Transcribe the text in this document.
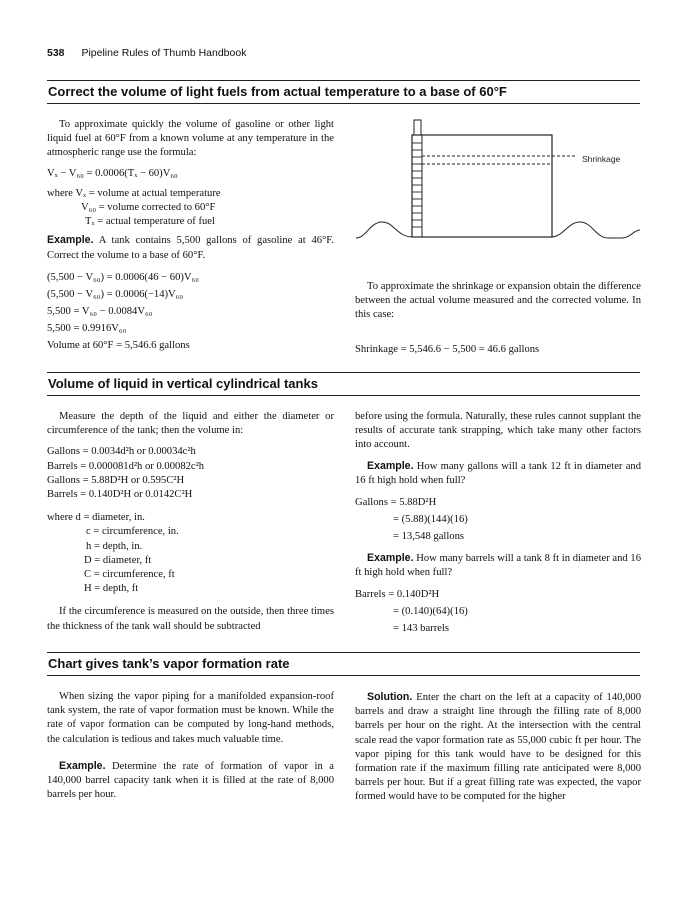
538 Pipeline Rules of Thumb Handbook
Correct the volume of light fuels from actual temperature to a base of 60°F

To approximate quickly the volume of gasoline or other light liquid fuel at 60°F from a known volume at any temperature in the atmospheric range use the formula:

Vₓ − V₆₀ = 0.0006(Tₓ − 60)V₆₀

where Vₓ = volume at actual temperature

V₆₀ = volume corrected to 60°F

Tₓ = actual temperature of fuel

Example. A tank contains 5,500 gallons of gasoline at 46°F. Correct the volume to a base of 60°F.

(5,500 − V₆₀) = 0.0006(46 − 60)V₆₀

(5,500 − V₆₀) = 0.0006(−14)V₆₀

5,500 = V₆₀ − 0.0084V₆₀

5,500 = 0.9916V₆₀

Volume at 60°F = 5,546.6 gallons

Shrinkage

To approximate the shrinkage or expansion obtain the difference between the actual volume measured and the corrected volume. In this case:

Shrinkage = 5,546.6 − 5,500 = 46.6 gallons

Volume of liquid in vertical cylindrical tanks

Measure the depth of the liquid and either the diameter or circumference of the tank; then the volume in:

Gallons = 0.0034d²h or 0.00034c²h

Barrels = 0.000081d²h or 0.00082c²h

Gallons = 5.88D²H or 0.595C²H

Barrels = 0.140D²H or 0.0142C²H

where d = diameter, in.

c = circumference, in.

h = depth, in.

D = diameter, ft

C = circumference, ft

H = depth, ft

If the circumference is measured on the outside, then three times the thickness of the tank wall should be subtracted

before using the formula. Naturally, these rules cannot supplant the results of accurate tank strapping, which take many other factors into account.

Example. How many gallons will a tank 12 ft in diameter and 16 ft high hold when full?

Gallons = 5.88D²H

= (5.88)(144)(16)

= 13,548 gallons

Example. How many barrels will a tank 8 ft in diameter and 16 ft high hold when full?

Barrels = 0.140D²H

= (0.140)(64)(16)

= 143 barrels

Chart gives tank’s vapor formation rate

When sizing the vapor piping for a manifolded expansion-roof tank system, the rate of vapor formation must be known. While the rate of vapor formation can be computed by long-hand methods, the calculation is tedious and takes much valuable time.

Example. Determine the rate of formation of vapor in a 140,000 barrel capacity tank when it is filled at the rate of 8,000 barrels per hour.

Solution. Enter the chart on the left at a capacity of 140,000 barrels and draw a straight line through the filling rate of 8,000 barrels per hour on the right. At the intersection with the central scale read the vapor formation rate as 55,000 cubic ft per hour. The vapor piping for this tank would have to be designed for this formation rate if the maximum filling rate anticipated were 8,000 barrels per hour. But if a great filling rate was expected, the vapor formed would have to be computed for the higher
